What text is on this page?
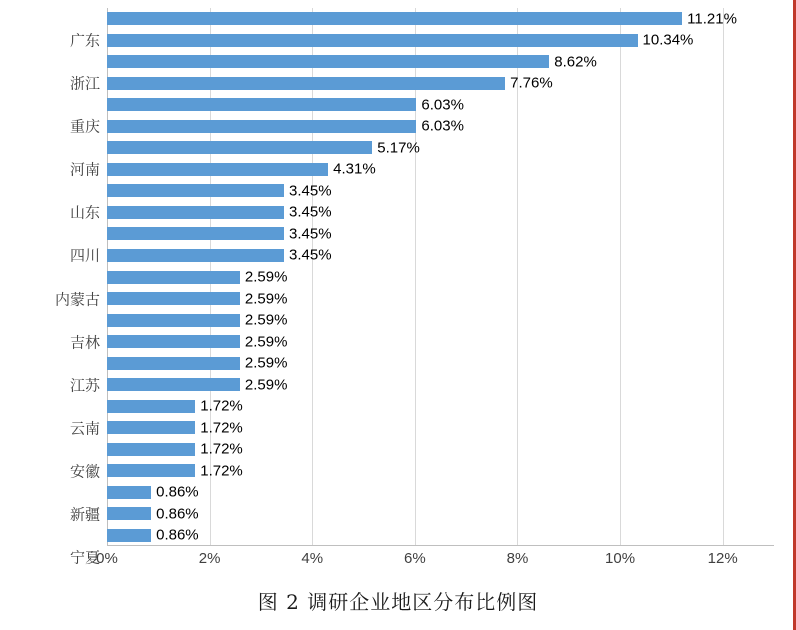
广东
浙江
重庆
河南
山东
四川
内蒙古
吉林
江苏
云南
安徽
新疆
宁夏
11.21%
10.34%
8.62%
7.76%
6.03%
6.03%
5.17%
4.31%
3.45%
3.45%
3.45%
3.45%
2.59%
2.59%
2.59%
2.59%
2.59%
2.59%
1.72%
1.72%
1.72%
1.72%
0.86%
0.86%
0.86%
0%	2%	4%	6%	8%	10%	12%
图 2 调研企业地区分布比例图
